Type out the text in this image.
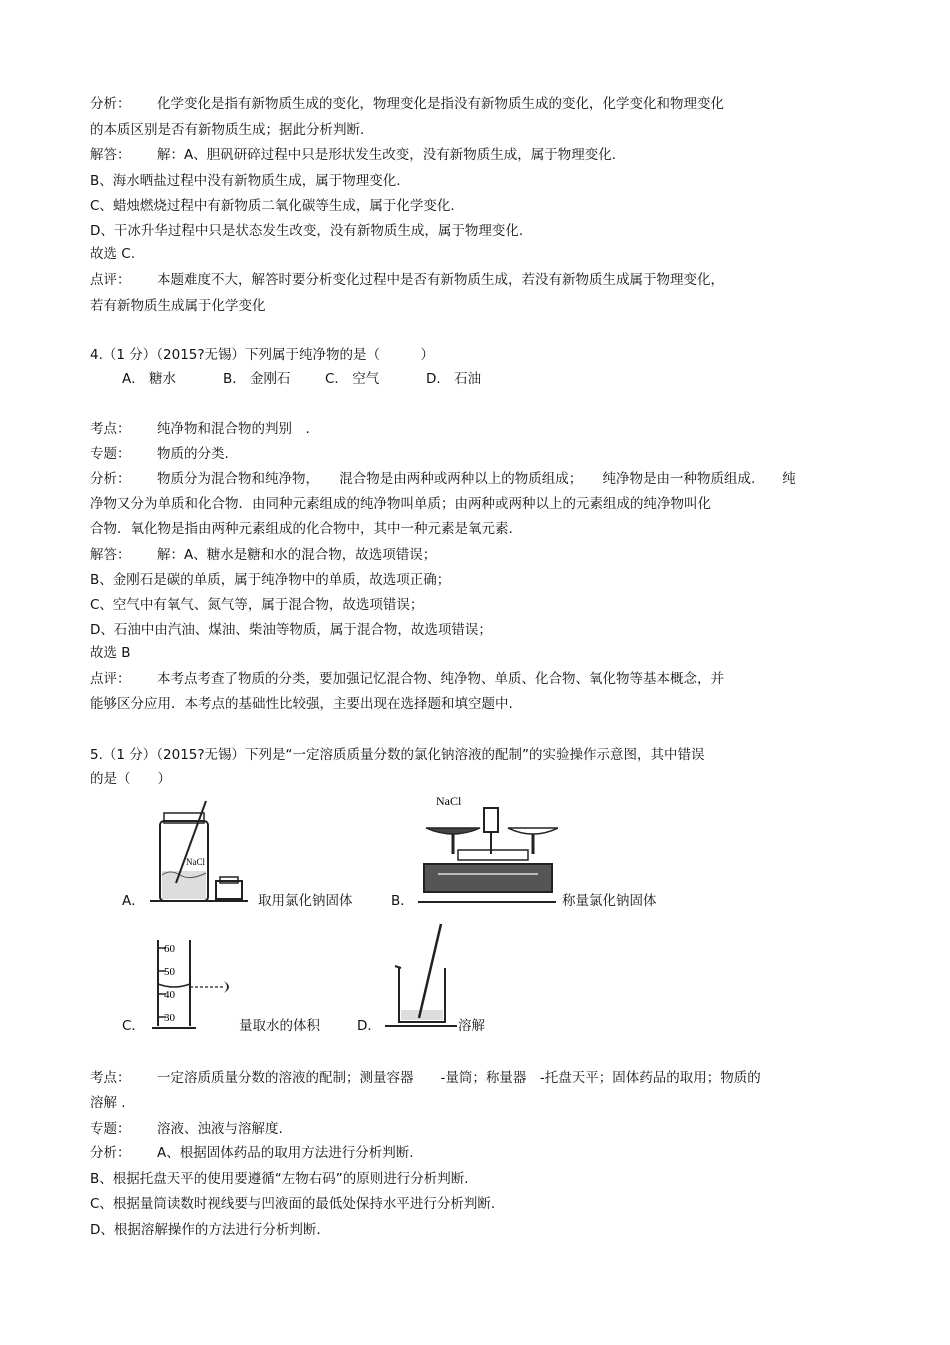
分析： 化学变化是指有新物质生成的变化，物理变化是指没有新物质生成的变化，化学变化和物理变化
的本质区别是否有新物质生成；据此分析判断.
解答： 解：A、胆矾研碎过程中只是形状发生改变，没有新物质生成，属于物理变化.
B、海水晒盐过程中没有新物质生成，属于物理变化.
C、蜡烛燃烧过程中有新物质二氧化碳等生成，属于化学变化.
D、干冰升华过程中只是状态发生改变，没有新物质生成，属于物理变化.
故选 C.
点评： 本题难度不大，解答时要分析变化过程中是否有新物质生成，若没有新物质生成属于物理变化，
若有新物质生成属于化学变化
4.（1 分）（2015?无锡）下列属于纯净物的是（　　　）
A． 糖水	B． 金刚石	C． 空气	D． 石油
考点： 纯净物和混合物的判别　.
专题： 物质的分类.
分析： 物质分为混合物和纯净物，　　混合物是由两种或两种以上的物质组成；　　纯净物是由一种物质组成.　　纯
净物又分为单质和化合物．由同种元素组成的纯净物叫单质；由两种或两种以上的元素组成的纯净物叫化
合物．氧化物是指由两种元素组成的化合物中，其中一种元素是氧元素.
解答： 解：A、糖水是糖和水的混合物，故选项错误；
B、金刚石是碳的单质，属于纯净物中的单质，故选项正确；
C、空气中有氧气、氮气等，属于混合物，故选项错误；
D、石油中由汽油、煤油、柴油等物质，属于混合物，故选项错误；
故选 B
点评： 本考点考查了物质的分类，要加强记忆混合物、纯净物、单质、化合物、氧化物等基本概念，并
能够区分应用．本考点的基础性比较强，主要出现在选择题和填空题中.
5.（1 分）（2015?无锡）下列是“一定溶质质量分数的氯化钠溶液的配制”的实验操作示意图，其中错误
的是（　　）
A．
NaCl
取用氯化钠固体	B．
NaCl
称量氯化钠固体
C．
60
50
40
30	量取水的体积	D．	溶解
考点： 一定溶质质量分数的溶液的配制；测量容器　　-量筒；称量器　-托盘天平；固体药品的取用；物质的
溶解 .
专题： 溶液、浊液与溶解度.
分析： A、根据固体药品的取用方法进行分析判断.
B、根据托盘天平的使用要遵循“左物右码”的原则进行分析判断.
C、根据量筒读数时视线要与凹液面的最低处保持水平进行分析判断.
D、根据溶解操作的方法进行分析判断.
